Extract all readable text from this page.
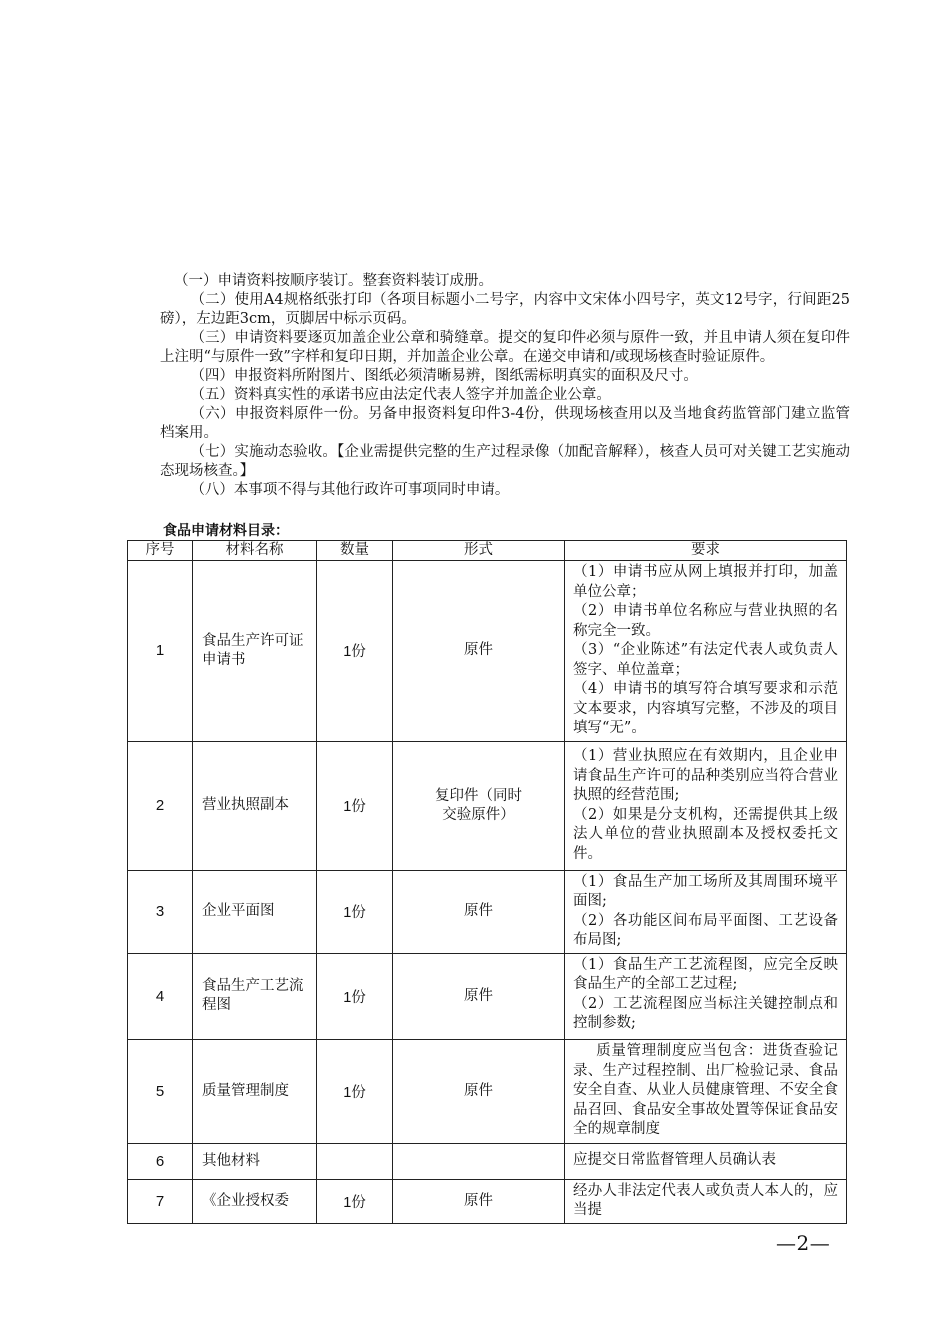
（一）申请资料按顺序装订。整套资料装订成册。

（二）使用A4规格纸张打印（各项目标题小二号字，内容中文宋体小四号字，英文12号字，行间距25磅），左边距3cm，页脚居中标示页码。

（三）申请资料要逐页加盖企业公章和骑缝章。提交的复印件必须与原件一致，并且申请人须在复印件上注明“与原件一致”字样和复印日期，并加盖企业公章。在递交申请和/或现场核查时验证原件。

（四）申报资料所附图片、图纸必须清晰易辨，图纸需标明真实的面积及尺寸。

（五）资料真实性的承诺书应由法定代表人签字并加盖企业公章。

（六）申报资料原件一份。另备申报资料复印件3-4份，供现场核查用以及当地食药监管部门建立监管档案用。

（七）实施动态验收。【企业需提供完整的生产过程录像（加配音解释），核查人员可对关键工艺实施动态现场核查。】

（八）本事项不得与其他行政许可事项同时申请。

食品申请材料目录：

序号	材料名称	数量	形式	要求
1	食品生产许可证申请书	1份	原件	（1）申请书应从网上填报并打印，加盖单位公章；
（2）申请书单位名称应与营业执照的名称完全一致。
（3）“企业陈述”有法定代表人或负责人签字、单位盖章；
（4）申请书的填写符合填写要求和示范文本要求，内容填写完整，不涉及的项目填写“无”。

2	营业执照副本	1份	复印件（同时交验原件）	（1）营业执照应在有效期内，且企业申请食品生产许可的品种类别应当符合营业执照的经营范围;
（2）如果是分支机构，还需提供其上级法人单位的营业执照副本及授权委托文件。

3	企业平面图	1份	原件	（1）食品生产加工场所及其周围环境平面图;
（2）各功能区间布局平面图、工艺设备布局图;

4	食品生产工艺流程图	1份	原件	（1）食品生产工艺流程图，应完全反映食品生产的全部工艺过程;
（2）工艺流程图应当标注关键控制点和控制参数;

5	质量管理制度	1份	原件	质量管理制度应当包含：进货查验记录、生产过程控制、出厂检验记录、食品安全自查、从业人员健康管理、不安全食品召回、食品安全事故处置等保证食品安全的规章制度

6	其他材料			应提交日常监督管理人员确认表

7	《企业授权委	1份	原件	经办人非法定代表人或负责人本人的，应当提
—2—
